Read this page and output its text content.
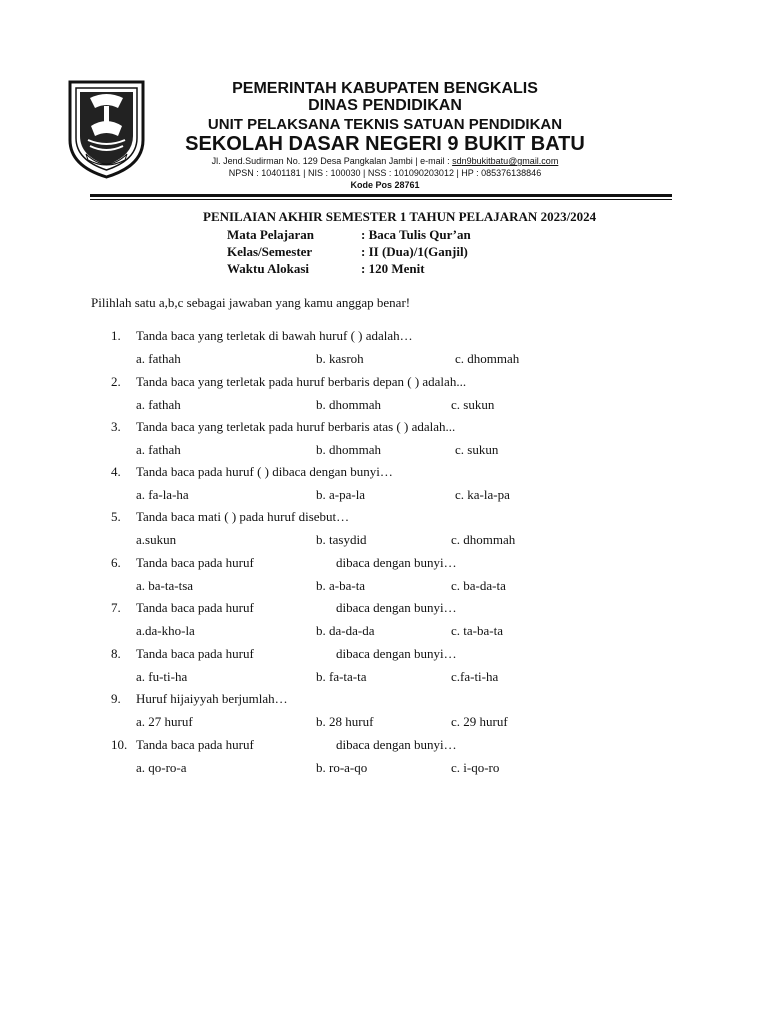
PEMERINTAH KABUPATEN BENGKALIS
DINAS PENDIDIKAN
UNIT PELAKSANA TEKNIS SATUAN PENDIDIKAN
SEKOLAH DASAR NEGERI 9 BUKIT BATU
Jl. Jend.Sudirman No. 129 Desa Pangkalan Jambi | e-mail : sdn9bukitbatu@gmail.com
NPSN : 10401181 | NIS : 100030 | NSS : 101090203012 | HP : 085376138846
Kode Pos 28761
PENILAIAN AKHIR SEMESTER 1 TAHUN PELAJARAN 2023/2024
Mata Pelajaran	: Baca Tulis Qur’an
Kelas/Semester	: II (Dua)/1(Ganjil)
Waktu Alokasi	: 120 Menit
Pilihlah satu a,b,c sebagai jawaban yang kamu anggap benar!
1. Tanda baca yang terletak di bawah huruf ( ) adalah…
a. fathah	b. kasroh	c. dhommah
2. Tanda baca yang terletak pada huruf berbaris depan ( ) adalah...
a. fathah	b. dhommah	c. sukun
3. Tanda baca yang terletak pada huruf berbaris atas ( ) adalah...
a. fathah	b. dhommah	c. sukun
4. Tanda baca pada huruf ( ) dibaca dengan bunyi…
a. fa-la-ha	b. a-pa-la	c. ka-la-pa
5. Tanda baca mati ( ) pada huruf disebut…
a.sukun	b. tasydid	c. dhommah
6. Tanda baca pada huruf	dibaca dengan bunyi…
a. ba-ta-tsa	b. a-ba-ta	c. ba-da-ta
7. Tanda baca pada huruf	dibaca dengan bunyi…
a.da-kho-la	b. da-da-da	c. ta-ba-ta
8. Tanda baca pada huruf	dibaca dengan bunyi…
a. fu-ti-ha	b. fa-ta-ta	c.fa-ti-ha
9. Huruf hijaiyyah berjumlah…
a. 27 huruf	b. 28 huruf	c. 29 huruf
10. Tanda baca pada huruf	dibaca dengan bunyi…
a. qo-ro-a	b. ro-a-qo	c. i-qo-ro
